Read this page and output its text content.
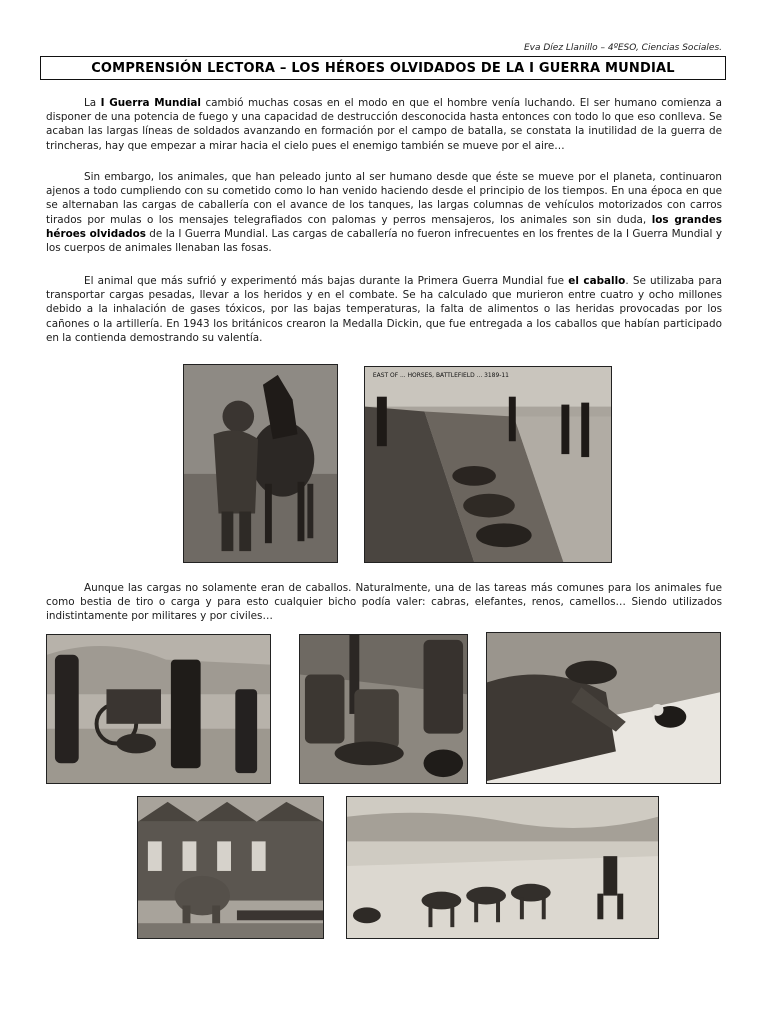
Eva Díez Llanillo – 4ºESO, Ciencias Sociales.
COMPRENSIÓN LECTORA – LOS HÉROES OLVIDADOS DE LA I GUERRA MUNDIAL

La I Guerra Mundial cambió muchas cosas en el modo en que el hombre venía luchando. El ser humano comienza a disponer de una potencia de fuego y una capacidad de destrucción desconocida hasta entonces con todo lo que eso conlleva. Se acaban las largas líneas de soldados avanzando en formación por el campo de batalla, se constata la inutilidad de la guerra de trincheras, hay que empezar a mirar hacia el cielo pues el enemigo también se mueve por el aire…

Sin embargo, los animales, que han peleado junto al ser humano desde que éste se mueve por el planeta, continuaron ajenos a todo cumpliendo con su cometido como lo han venido haciendo desde el principio de los tiempos. En una época en que se alternaban las cargas de caballería con el avance de los tanques, las largas columnas de vehículos motorizados con carros tirados por mulas o los mensajes telegrafiados con palomas y perros mensajeros, los animales son sin duda, los grandes héroes olvidados de la I Guerra Mundial. Las cargas de caballería no fueron infrecuentes en los frentes de la I Guerra Mundial y los cuerpos de animales llenaban las fosas.

El animal que más sufrió y experimentó más bajas durante la Primera Guerra Mundial fue el caballo. Se utilizaba para transportar cargas pesadas, llevar a los heridos y en el combate. Se ha calculado que murieron entre cuatro y ocho millones debido a la inhalación de gases tóxicos, por las bajas temperaturas, la falta de alimentos o las heridas provocadas por los cañones o la artillería. En 1943 los británicos crearon la Medalla Dickin, que fue entregada a los caballos que habían participado en la contienda demostrando su valentía.

EAST OF ... HORSES, BATTLEFIELD ... 3189-11

Aunque las cargas no solamente eran de caballos. Naturalmente, una de las tareas más comunes para los animales fue como bestia de tiro o carga y para esto cualquier bicho podía valer: cabras, elefantes, renos, camellos… Siendo utilizados indistintamente por militares y por civiles…
